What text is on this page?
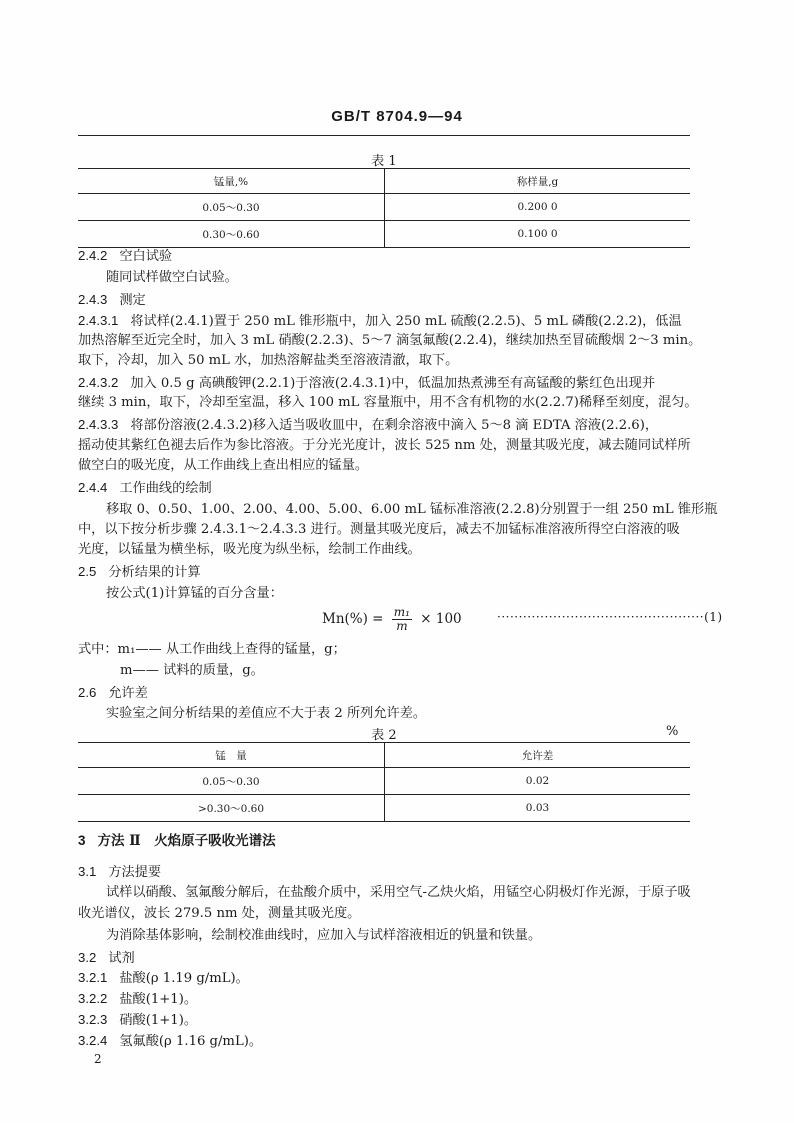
GB/T 8704.9—94
表 1
锰量,%	称样量,g
0.05～0.30	0.200 0
0.30～0.60	0.100 0
2.4.2 空白试验
随同试样做空白试验。
2.4.3 测定
2.4.3.1 将试样(2.4.1)置于 250 mL 锥形瓶中，加入 250 mL 硫酸(2.2.5)、5 mL 磷酸(2.2.2)，低温
加热溶解至近完全时，加入 3 mL 硝酸(2.2.3)、5～7 滴氢氟酸(2.2.4)，继续加热至冒硫酸烟 2～3 min。
取下，冷却，加入 50 mL 水，加热溶解盐类至溶液清澈，取下。
2.4.3.2 加入 0.5 g 高碘酸钾(2.2.1)于溶液(2.4.3.1)中，低温加热煮沸至有高锰酸的紫红色出现并
继续 3 min，取下，冷却至室温，移入 100 mL 容量瓶中，用不含有机物的水(2.2.7)稀释至刻度，混匀。
2.4.3.3 将部份溶液(2.4.3.2)移入适当吸收皿中，在剩余溶液中滴入 5～8 滴 EDTA 溶液(2.2.6)，
摇动使其紫红色褪去后作为参比溶液。于分光光度计，波长 525 nm 处，测量其吸光度，减去随同试样所
做空白的吸光度，从工作曲线上查出相应的锰量。
2.4.4 工作曲线的绘制
移取 0、0.50、1.00、2.00、4.00、5.00、6.00 mL 锰标准溶液(2.2.8)分别置于一组 250 mL 锥形瓶
中，以下按分析步骤 2.4.3.1～2.4.3.3 进行。测量其吸光度后，减去不加锰标准溶液所得空白溶液的吸
光度，以锰量为横坐标，吸光度为纵坐标，绘制工作曲线。
2.5 分析结果的计算
按公式(1)计算锰的百分含量：
$Mn(\%) = \frac{\text{m₁}}{m} \times 100$	················································(1)
式中：m₁—— 从工作曲线上查得的锰量，g；
m—— 试料的质量，g。
2.6 允许差
实验室之间分析结果的差值应不大于表 2 所列允许差。
表 2	%
锰　量	允许差
0.05～0.30	0.02
>0.30～0.60	0.03
3 方法 Ⅱ　火焰原子吸收光谱法
3.1 方法提要
试样以硝酸、氢氟酸分解后，在盐酸介质中，采用空气-乙炔火焰，用锰空心阴极灯作光源，于原子吸
收光谱仪，波长 279.5 nm 处，测量其吸光度。
为消除基体影响，绘制校准曲线时，应加入与试样溶液相近的钒量和铁量。
3.2 试剂
3.2.1 盐酸(ρ 1.19 g/mL)。
3.2.2 盐酸(1+1)。
3.2.3 硝酸(1+1)。
3.2.4 氢氟酸(ρ 1.16 g/mL)。
2
